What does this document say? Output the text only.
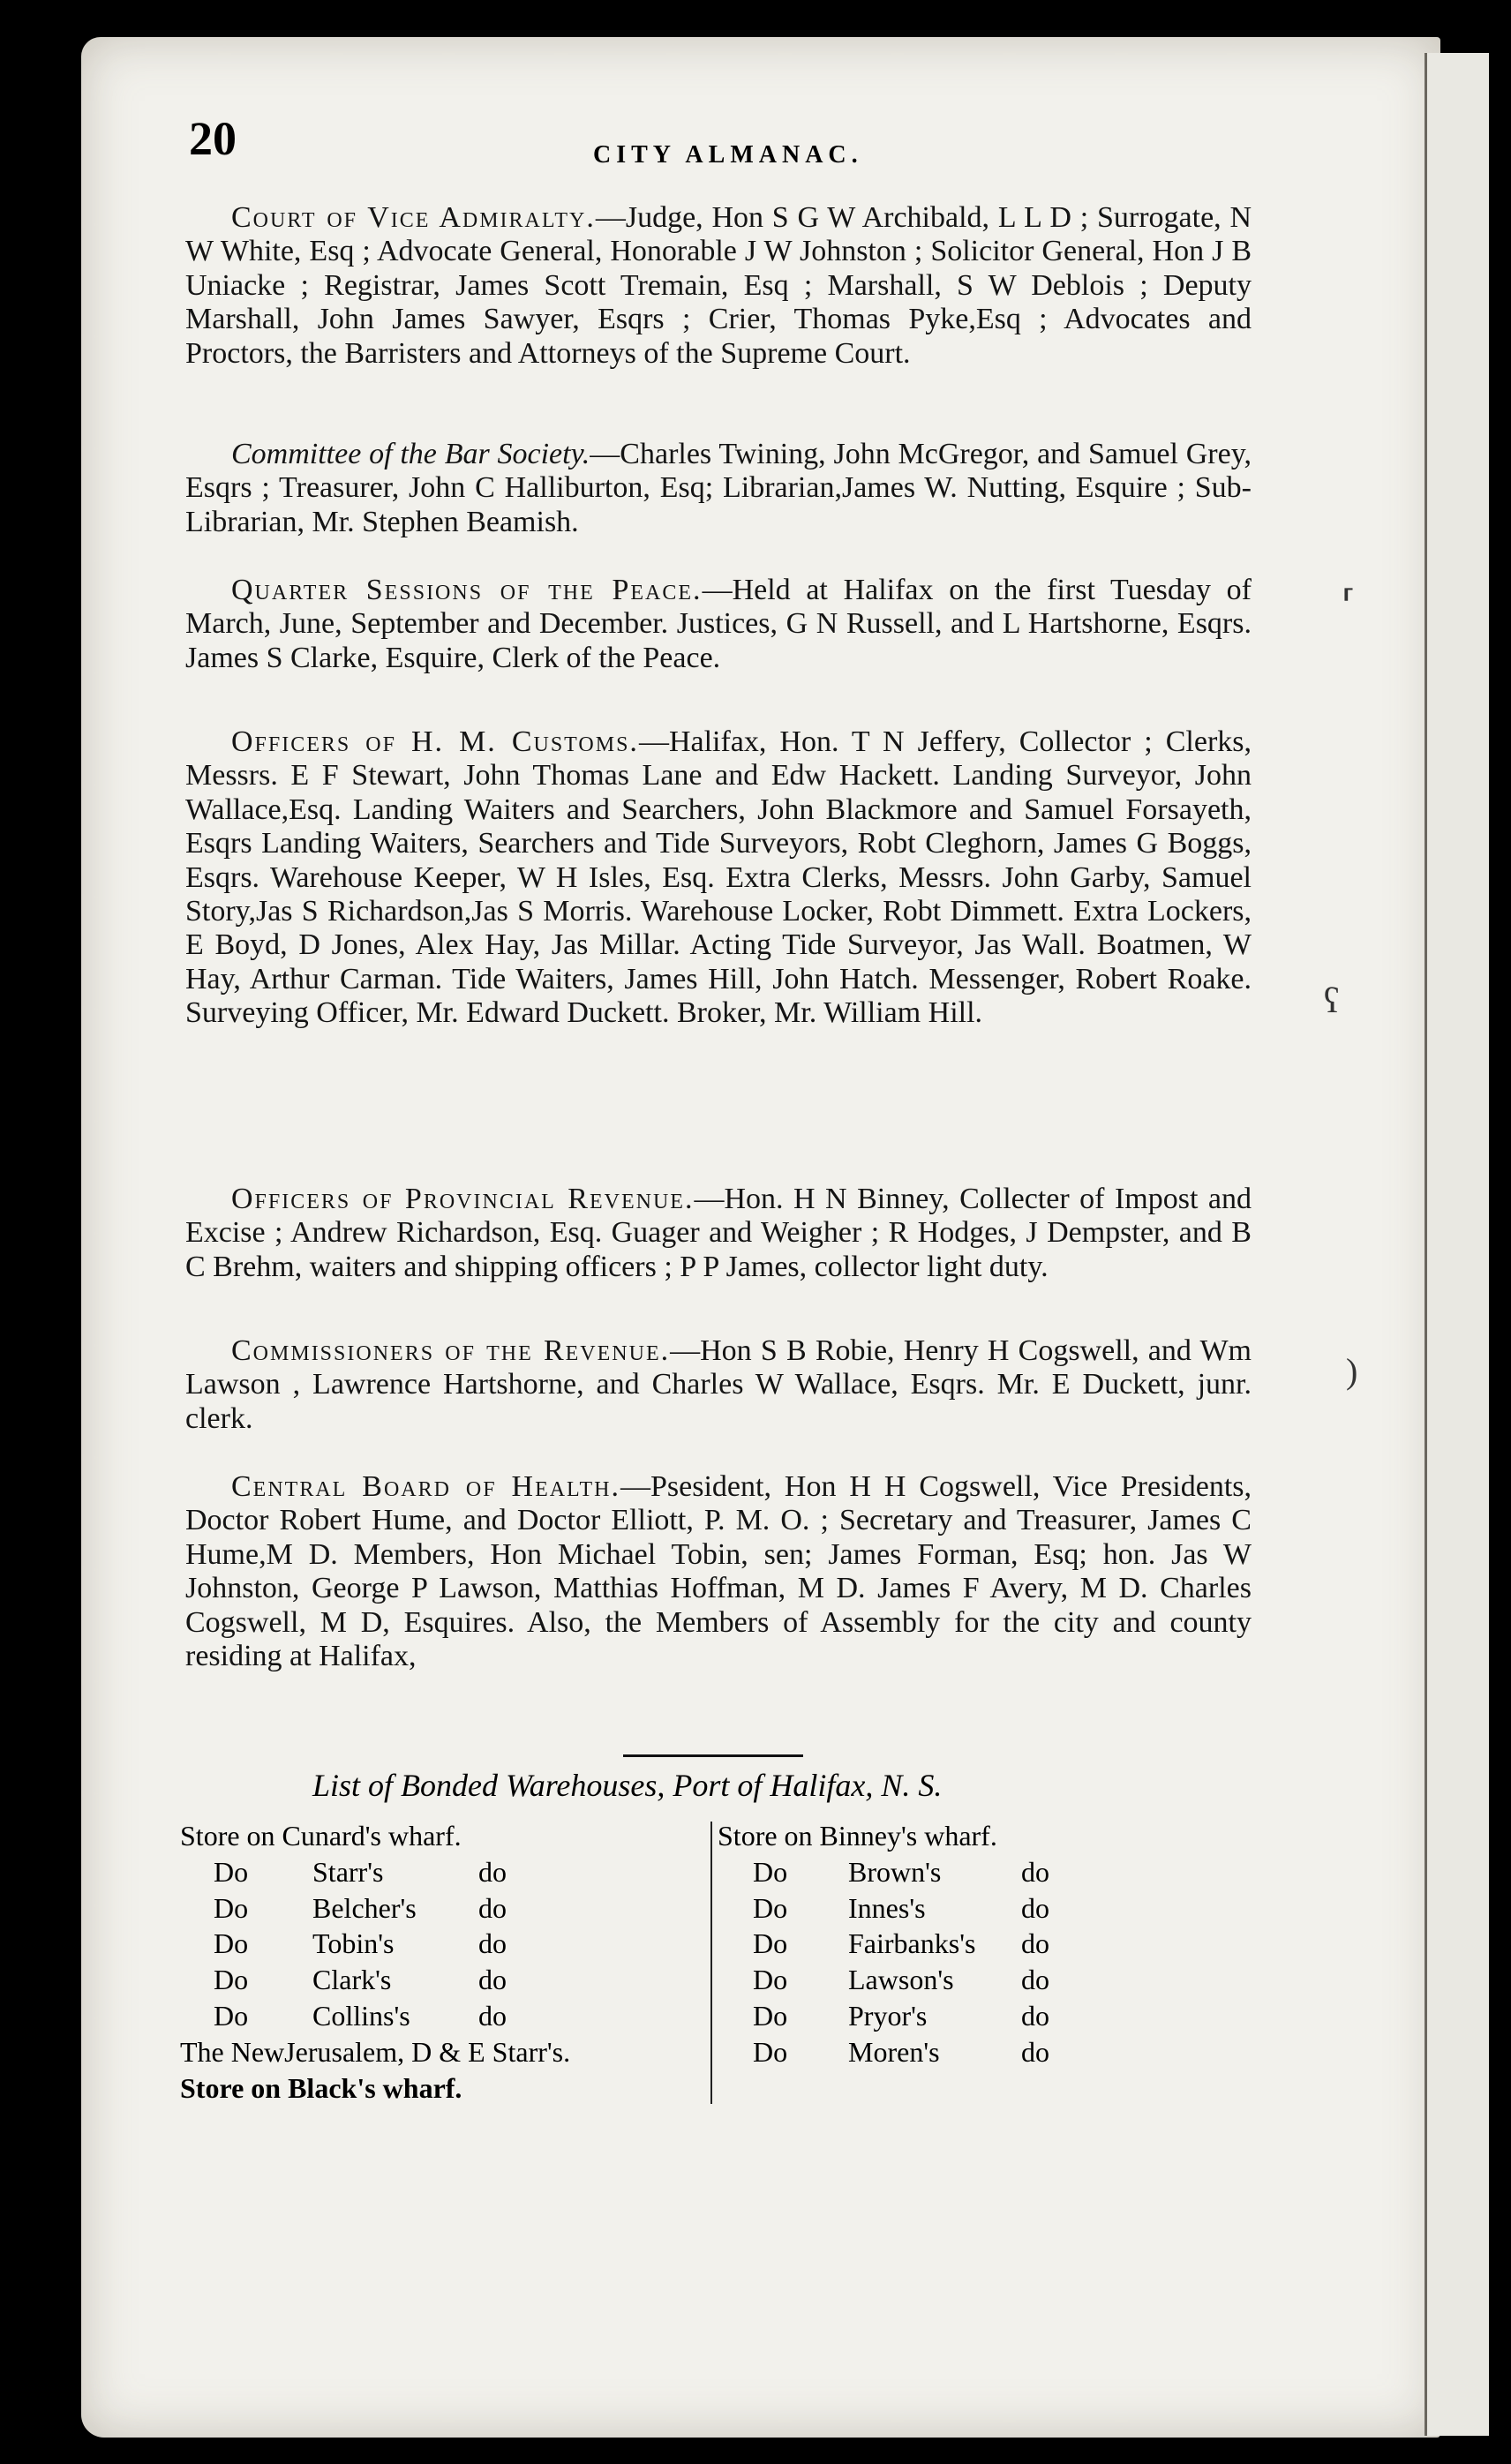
⸢
ʕ
)
20	CITY ALMANAC.
Court of Vice Admiralty.—Judge, Hon S G W Archibald, L L D ; Surrogate, N W White, Esq ; Advocate General, Honorable J W Johnston ; Solicitor General, Hon J B Uniacke ; Registrar, James Scott Tremain, Esq ; Marshall, S W Deblois ; Deputy Marshall, John James Sawyer, Esqrs ; Crier, Thomas Pyke,Esq ; Advocates and Proctors, the Barristers and Attorneys of the Supreme Court.
Committee of the Bar Society.—Charles Twining, John McGregor, and Samuel Grey, Esqrs ; Treasurer, John C Halliburton, Esq; Librarian,James W. Nutting, Esquire ; Sub-Librarian, Mr. Stephen Beamish.
Quarter Sessions of the Peace.—Held at Halifax on the first Tuesday of March, June, September and December. Justices, G N Russell, and L Hartshorne, Esqrs. James S Clarke, Esquire, Clerk of the Peace.
Officers of H. M. Customs.—Halifax, Hon. T N Jeffery, Collector ; Clerks, Messrs. E F Stewart, John Thomas Lane and Edw Hackett. Landing Surveyor, John Wallace,Esq. Landing Waiters and Searchers, John Blackmore and Samuel Forsayeth, Esqrs Landing Waiters, Searchers and Tide Surveyors, Robt Cleghorn, James G Boggs, Esqrs. Warehouse Keeper, W H Isles, Esq. Extra Clerks, Messrs. John Garby, Samuel Story,Jas S Richardson,Jas S Morris. Warehouse Locker, Robt Dimmett. Extra Lockers, E Boyd, D Jones, Alex Hay, Jas Millar. Acting Tide Surveyor, Jas Wall. Boatmen, W Hay, Arthur Carman. Tide Waiters, James Hill, John Hatch. Messenger, Robert Roake. Surveying Officer, Mr. Edward Duckett. Broker, Mr. William Hill.
Officers of Provincial Revenue.—Hon. H N Binney, Collecter of Impost and Excise ; Andrew Richardson, Esq. Guager and Weigher ; R Hodges, J Dempster, and B C Brehm, waiters and shipping officers ; P P James, collector light duty.
Commissioners of the Revenue.—Hon S B Robie, Henry H Cogswell, and Wm Lawson , Lawrence Hartshorne, and Charles W Wallace, Esqrs. Mr. E Duckett, junr. clerk.
Central Board of Health.—Psesident, Hon H H Cogswell, Vice Presidents, Doctor Robert Hume, and Doctor Elliott, P. M. O. ; Secretary and Treasurer, James C Hume,M D. Members, Hon Michael Tobin, sen; James Forman, Esq; hon. Jas W Johnston, George P Lawson, Matthias Hoffman, M D. James F Avery, M D. Charles Cogswell, M D, Esquires. Also, the Members of Assembly for the city and county residing at Halifax,
List of Bonded Warehouses, Port of Halifax, N. S.
Store on Cunard's wharf.
Do Starr's	do
Do Belcher's do
Do Tobin's	do
Do Clark's	do
Do Collins's do
The NewJerusalem, D & E Starr's.
Store on Black's wharf.
Store on Binney's wharf.
Do Brown's	do
Do Innes's	do
Do Fairbanks's do
Do Lawson's do
Do Pryor's	do
Do Moren's	do
